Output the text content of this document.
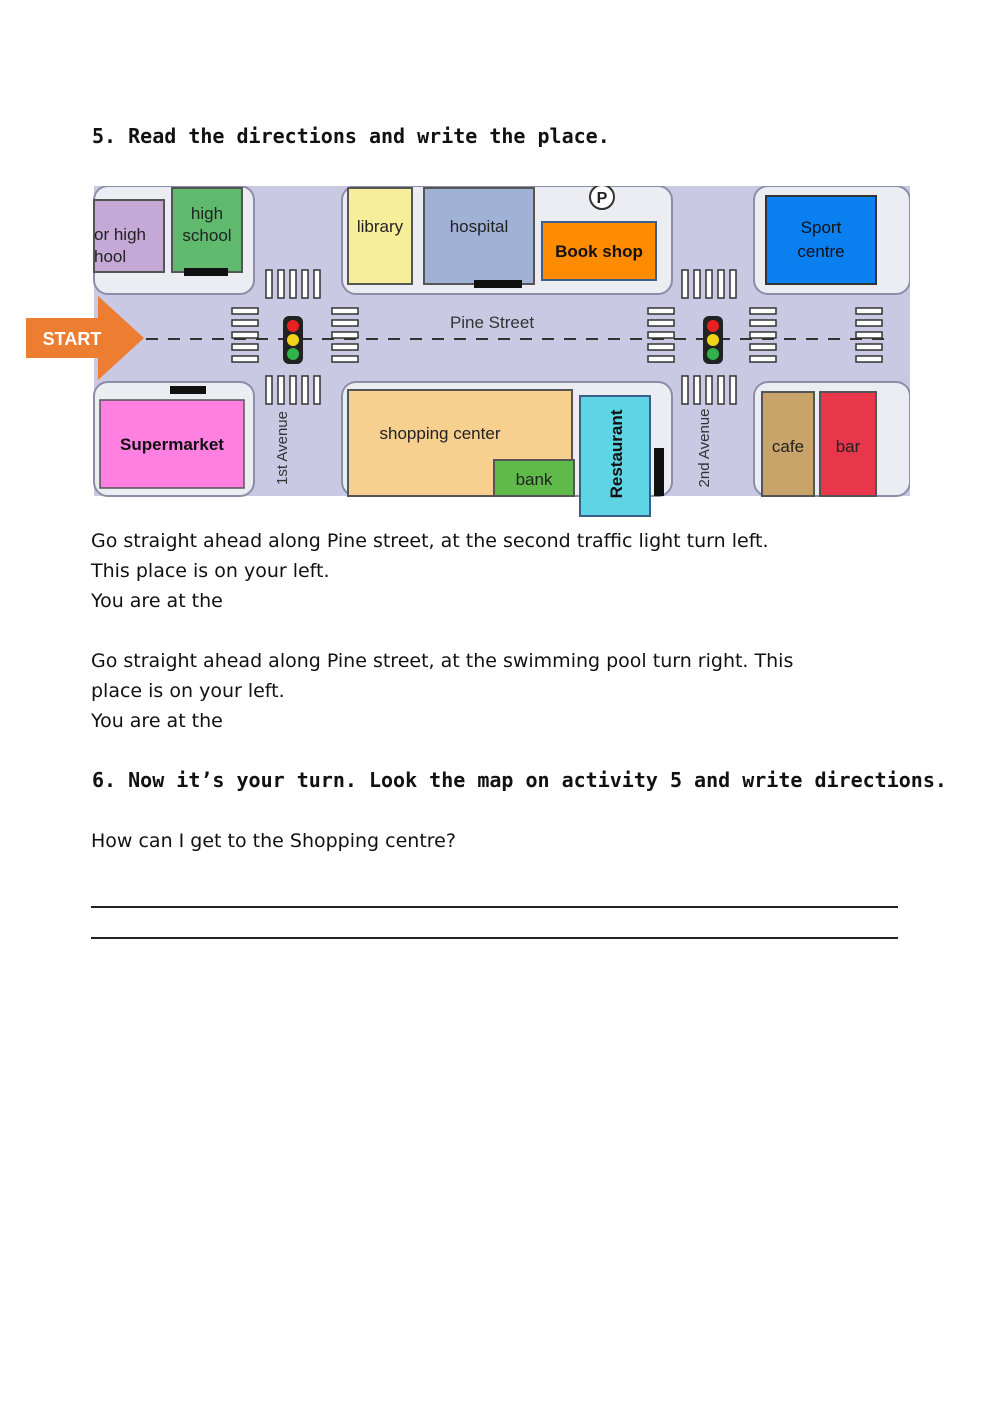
5. Read the directions and write the place.
or high
hool
high
school	library	hospital
P
Book shop
Sport
centre
Pine Street
START
Supermarket	1st Avenue	2nd Avenue
shopping center
bank	Restaurant	cafe bar

Go straight ahead along Pine street, at the second traffic light turn left.
This place is on your left.
You are at the

Go straight ahead along Pine street, at the swimming pool turn right. This
place is on your left.
You are at the

6. Now it’s your turn. Look the map on activity 5 and write directions.

How can I get to the Shopping centre?
